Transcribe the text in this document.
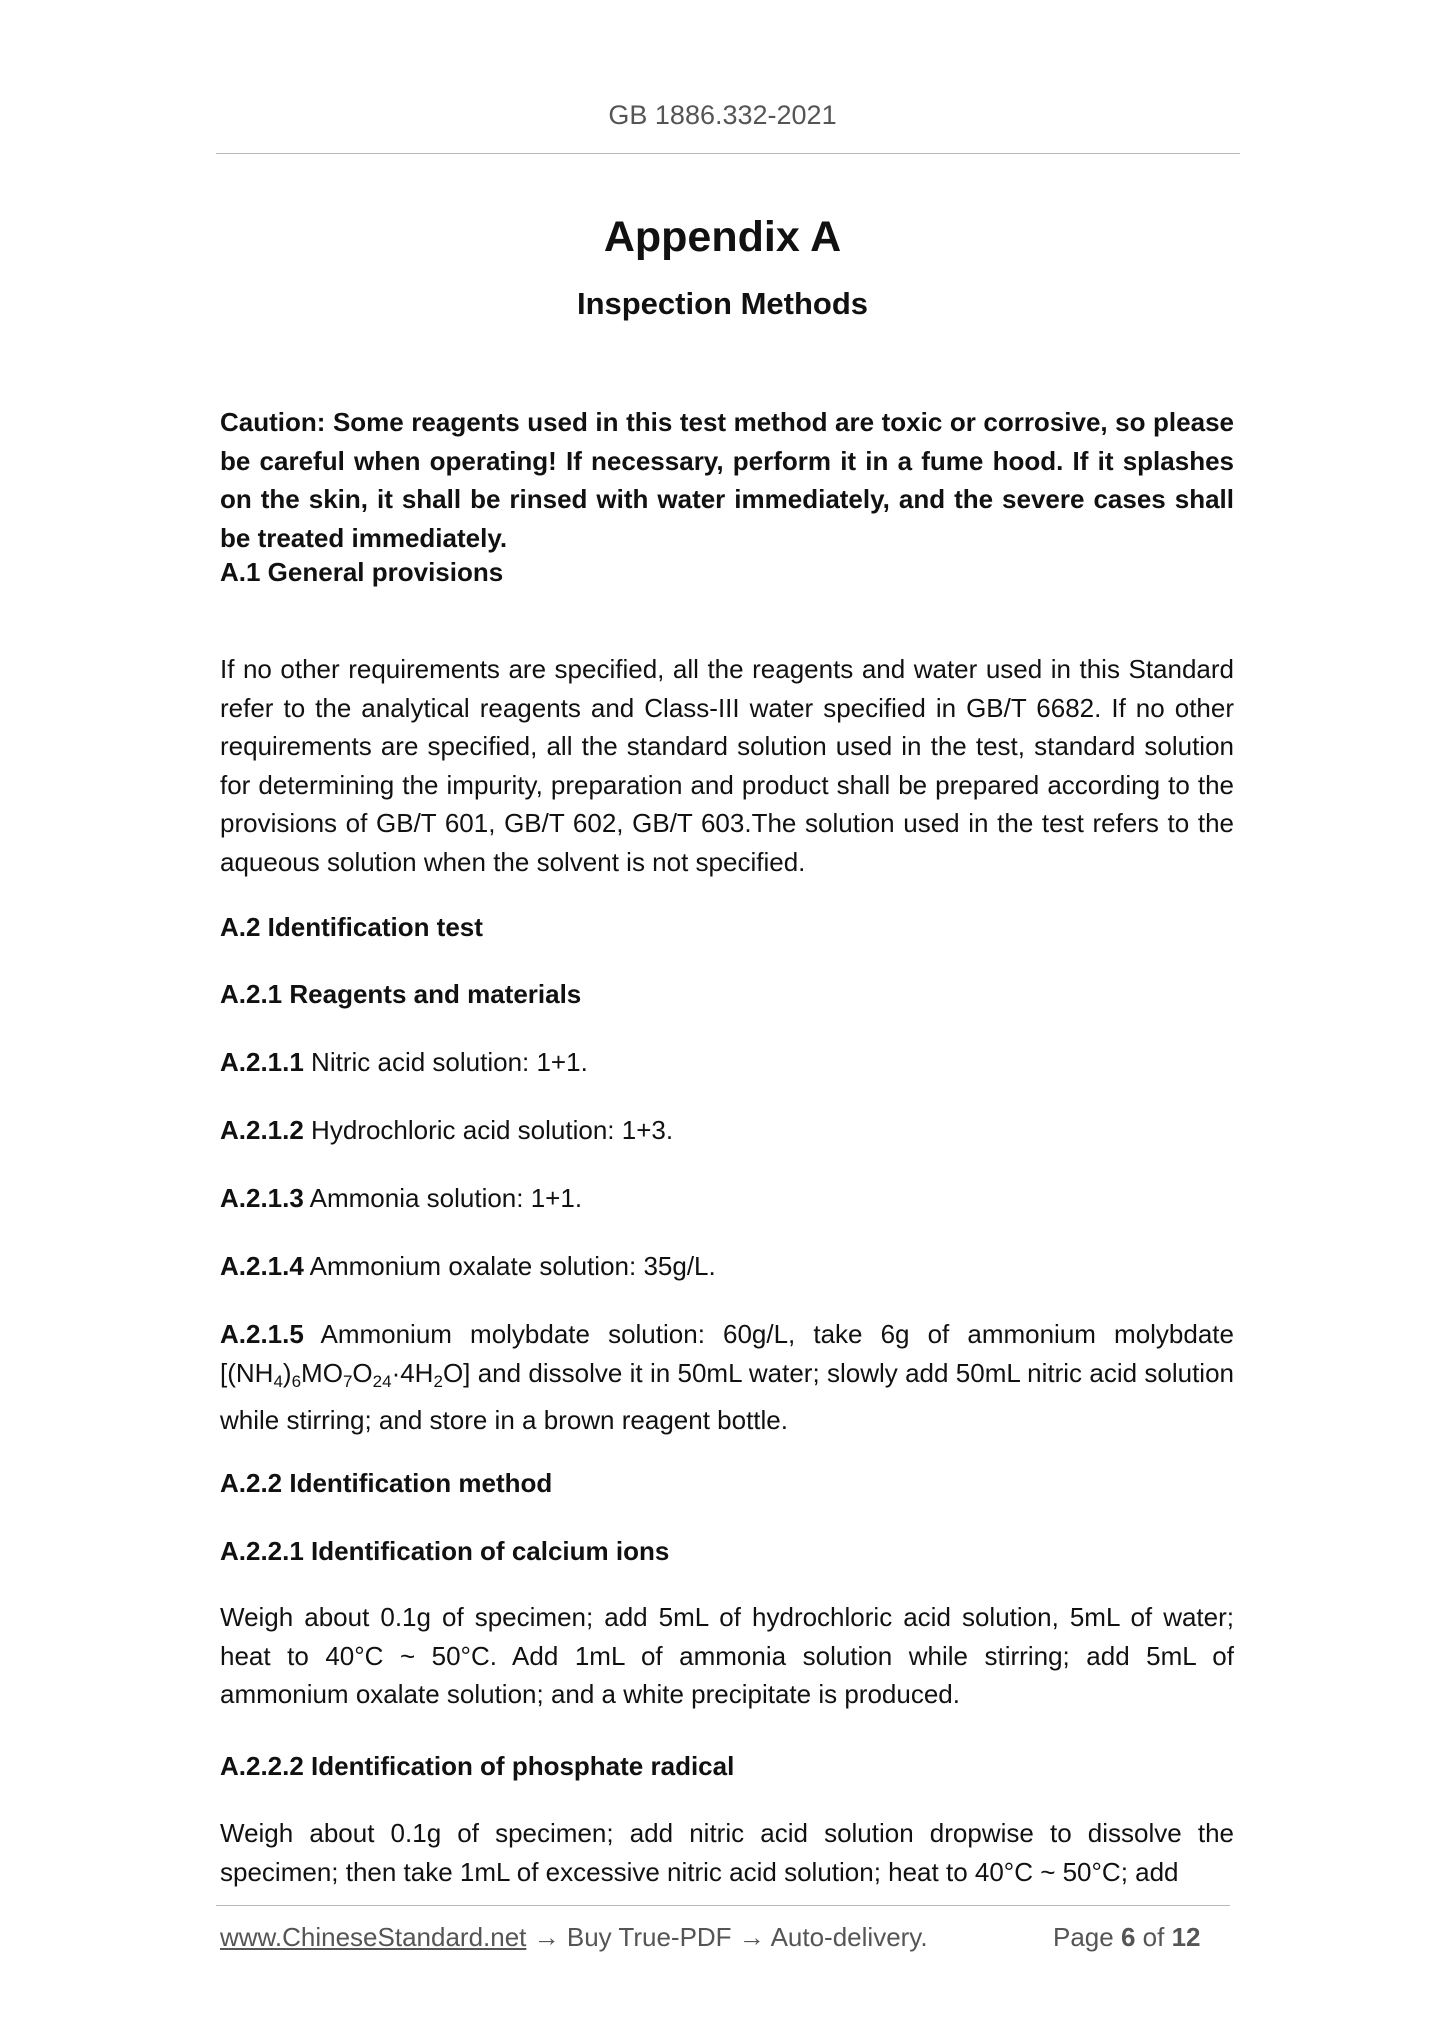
GB 1886.332-2021
Appendix A
Inspection Methods

Caution: Some reagents used in this test method are toxic or corrosive, so please be careful when operating! If necessary, perform it in a fume hood. If it splashes on the skin, it shall be rinsed with water immediately, and the severe cases shall be treated immediately.

A.1 General provisions

If no other requirements are specified, all the reagents and water used in this Standard refer to the analytical reagents and Class-III water specified in GB/T 6682. If no other requirements are specified, all the standard solution used in the test, standard solution for determining the impurity, preparation and product shall be prepared according to the provisions of GB/T 601, GB/T 602, GB/T 603.The solution used in the test refers to the aqueous solution when the solvent is not specified.

A.2 Identification test

A.2.1 Reagents and materials

A.2.1.1 Nitric acid solution: 1+1.

A.2.1.2 Hydrochloric acid solution: 1+3.

A.2.1.3 Ammonia solution: 1+1.

A.2.1.4 Ammonium oxalate solution: 35g/L.

A.2.1.5 Ammonium molybdate solution: 60g/L, take 6g of ammonium molybdate $[(NH_4)_6MO_7O_{24}\cdot 4H_2O]$ and dissolve it in 50mL water; slowly add 50mL nitric acid solution while stirring; and store in a brown reagent bottle.

A.2.2 Identification method

A.2.2.1 Identification of calcium ions

Weigh about 0.1g of specimen; add 5mL of hydrochloric acid solution, 5mL of water; heat to 40°C ~ 50°C. Add 1mL of ammonia solution while stirring; add 5mL of ammonium oxalate solution; and a white precipitate is produced.

A.2.2.2 Identification of phosphate radical

Weigh about 0.1g of specimen; add nitric acid solution dropwise to dissolve the specimen; then take 1mL of excessive nitric acid solution; heat to 40°C ~ 50°C; add

www.ChineseStandard.net → Buy True-PDF → Auto-delivery.	Page 6 of 12
